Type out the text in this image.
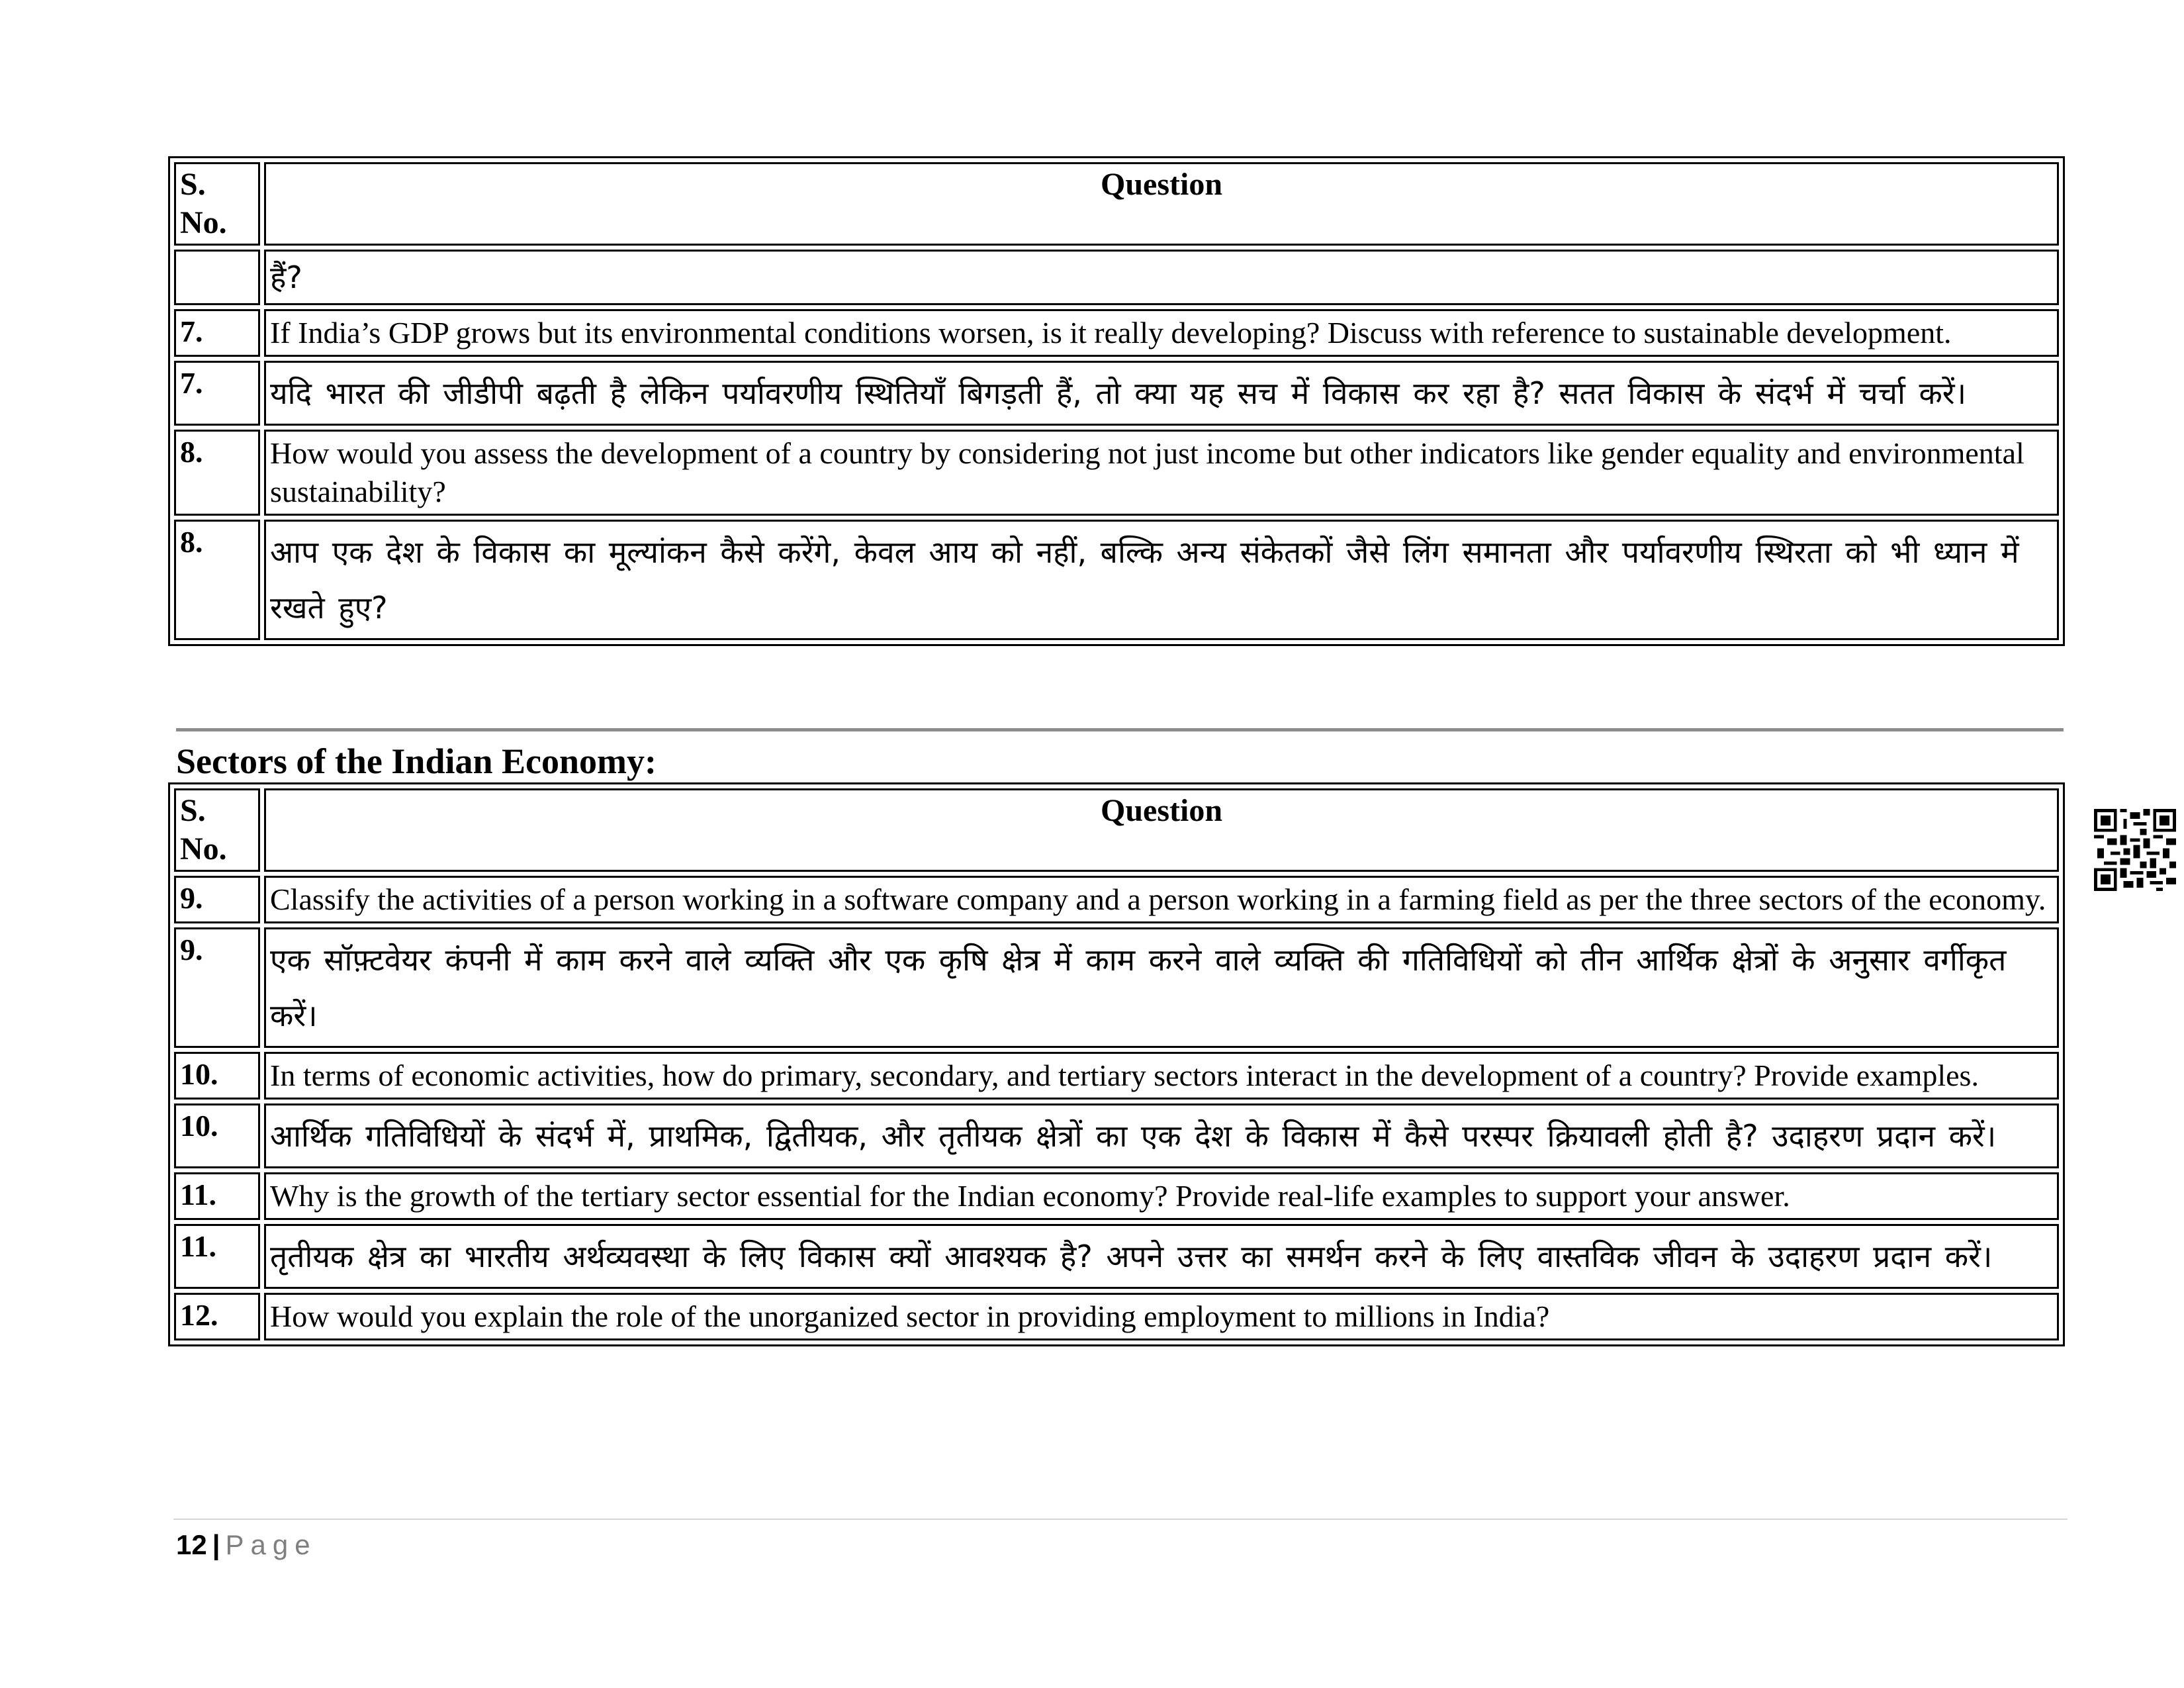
S. No.	Question
	हैं?
7.	If India’s GDP grows but its environmental conditions worsen, is it really developing? Discuss with reference to sustainable development.
7.	यदि भारत की जीडीपी बढ़ती है लेकिन पर्यावरणीय स्थितियाँ बिगड़ती हैं, तो क्या यह सच में विकास कर रहा है? सतत विकास के संदर्भ में चर्चा करें।
8.	How would you assess the development of a country by considering not just income but other indicators like gender equality and environmental sustainability?
8.	आप एक देश के विकास का मूल्यांकन कैसे करेंगे, केवल आय को नहीं, बल्कि अन्य संकेतकों जैसे लिंग समानता और पर्यावरणीय स्थिरता को भी ध्यान में रखते हुए?
Sectors of the Indian Economy:
S. No.	Question
9.	Classify the activities of a person working in a software company and a person working in a farming field as per the three sectors of the economy.
9.	एक सॉफ़्टवेयर कंपनी में काम करने वाले व्यक्ति और एक कृषि क्षेत्र में काम करने वाले व्यक्ति की गतिविधियों को तीन आर्थिक क्षेत्रों के अनुसार वर्गीकृत करें।
10.	In terms of economic activities, how do primary, secondary, and tertiary sectors interact in the development of a country? Provide examples.
10.	आर्थिक गतिविधियों के संदर्भ में, प्राथमिक, द्वितीयक, और तृतीयक क्षेत्रों का एक देश के विकास में कैसे परस्पर क्रियावली होती है? उदाहरण प्रदान करें।
11.	Why is the growth of the tertiary sector essential for the Indian economy? Provide real-life examples to support your answer.
11.	तृतीयक क्षेत्र का भारतीय अर्थव्यवस्था के लिए विकास क्यों आवश्यक है? अपने उत्तर का समर्थन करने के लिए वास्तविक जीवन के उदाहरण प्रदान करें।
12.	How would you explain the role of the unorganized sector in providing employment to millions in India?
12 | Page
